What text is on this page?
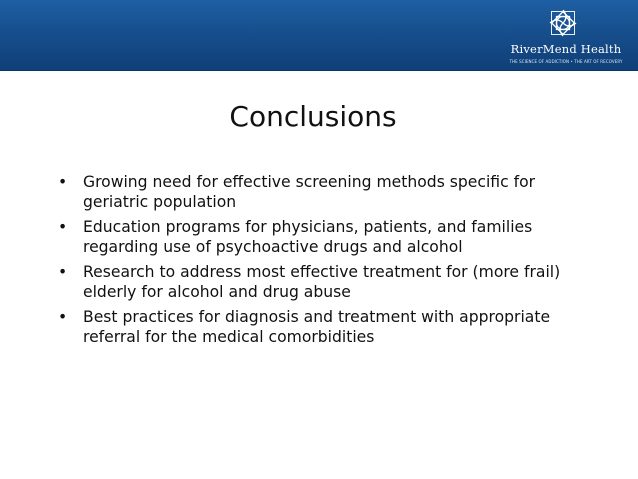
RiverMend Health
THE SCIENCE OF ADDICTION • THE ART OF RECOVERY
Conclusions
• Growing need for effective screening methods specific for geriatric population
• Education programs for physicians, patients, and families regarding use of psychoactive drugs and alcohol
• Research to address most effective treatment for (more frail) elderly for alcohol and drug abuse
• Best practices for diagnosis and treatment with appropriate referral for the medical comorbidities
